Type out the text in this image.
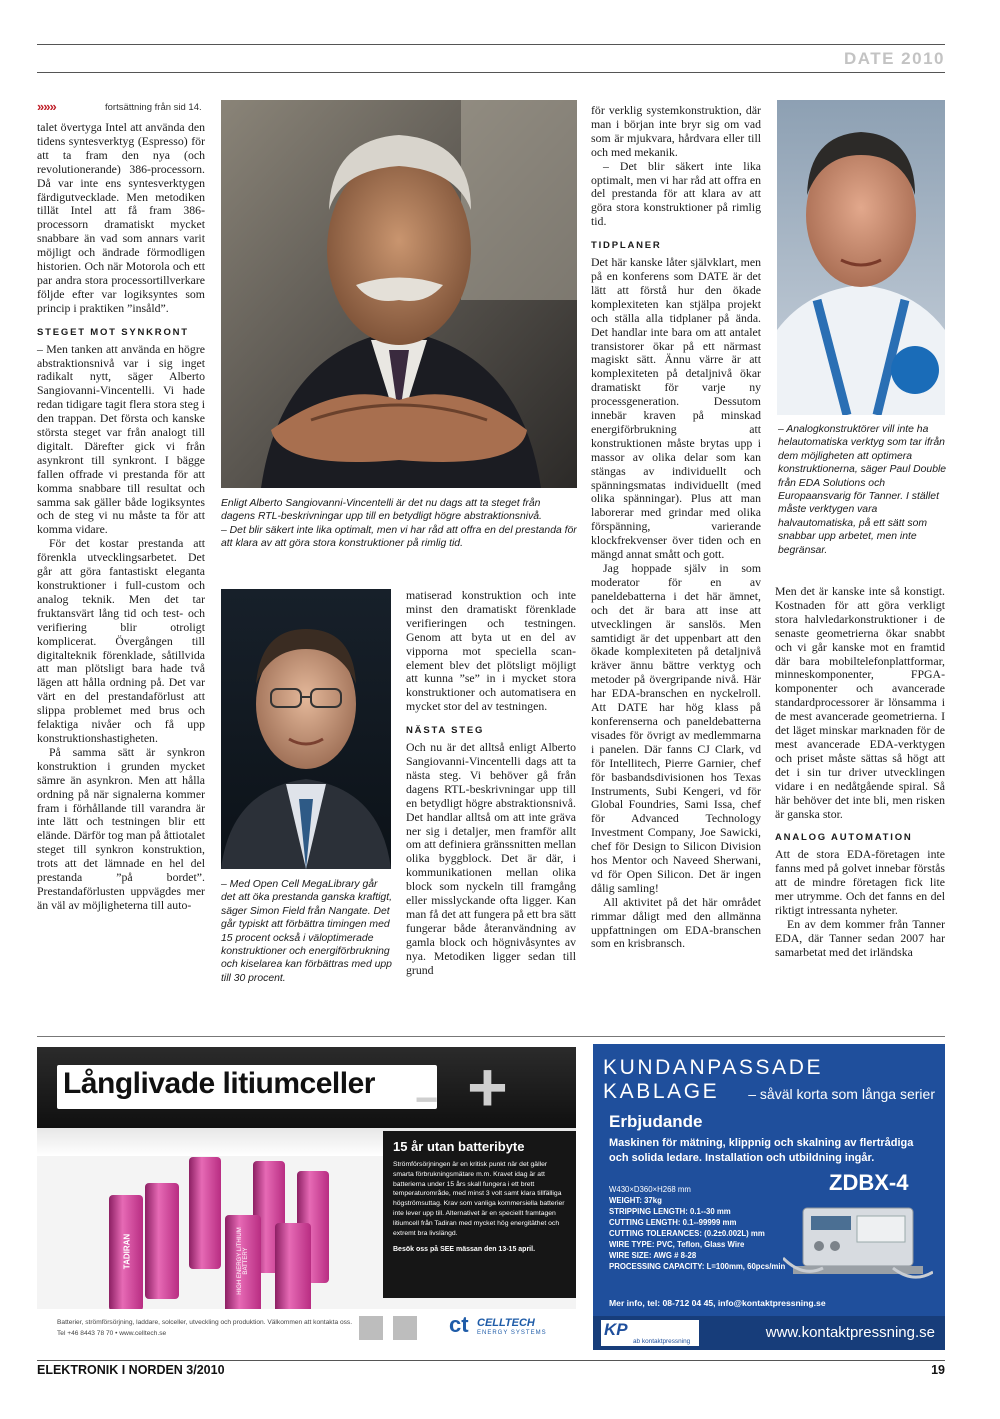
DATE 2010
»»»	fortsättning från sid 14.

talet övertyga Intel att använda den tidens syntesverktyg (Espresso) för att ta fram den nya (och revolutionerande) 386-processorn. Då var inte ens syntesverktygen färdigutvecklade. Men metodiken tillät Intel att få fram 386-processorn dramatiskt mycket snabbare än vad som annars varit möjligt och ändrade förmodligen historien. Och när Motorola och ett par andra stora processortillverkare följde efter var logiksyntes som princip i praktiken ”insåld”.

STEGET MOT SYNKRONT

– Men tanken att använda en högre abstraktionsnivå var i sig inget radikalt nytt, säger Alberto Sangiovanni-Vincentelli. Vi hade redan tidigare tagit flera stora steg i den trappan. Det första och kanske största steget var från analogt till digitalt. Därefter gick vi från asynkront till synkront. I bägge fallen offrade vi prestanda för att komma snabbare till resultat och samma sak gäller både logiksyntes och de steg vi nu måste ta för att komma vidare.

För det kostar prestanda att förenkla utvecklingsarbetet. Det går att göra fantastiskt eleganta konstruktioner i full-custom och analog teknik. Men det tar fruktansvärt lång tid och test- och verifiering blir otroligt komplicerat. Övergången till digitalteknik förenklade, såtillvida att man plötsligt bara hade två lägen att hålla ordning på. Det var värt en del prestandaförlust att slippa problemet med brus och felaktiga nivåer och få upp konstruktionshastigheten.

På samma sätt är synkron konstruktion i grunden mycket sämre än asynkron. Men att hålla ordning på när signalerna kommer fram i förhållande till varandra är inte lätt och testningen blir ett elände. Därför tog man på åttiotalet steget till synkron konstruktion, trots att det lämnade en hel del prestanda ”på bordet”. Prestandaförlusten uppvägdes mer än väl av möjligheterna till auto-

Enligt Alberto Sangiovanni-Vincentelli är det nu dags att ta steget från dagens RTL-beskrivningar upp till en betydligt högre abstraktionsnivå.

– Det blir säkert inte lika optimalt, men vi har råd att offra en del prestanda för att klara av att göra stora konstruktioner på rimlig tid.

– Med Open Cell MegaLibrary går det att öka prestanda ganska kraftigt, säger Simon Field från Nangate. Det går typiskt att förbättra timingen med 15 procent också i väloptimerade konstruktioner och energiförbrukning och kiselarea kan förbättras med upp till 30 procent.

matiserad konstruktion och inte minst den dramatiskt förenklade verifieringen och testningen. Genom att byta ut en del av vipporna mot speciella scan-element blev det plötsligt möjligt att kunna ”se” in i mycket stora konstruktioner och automatisera en mycket stor del av testningen.

NÄSTA STEG

Och nu är det alltså enligt Alberto Sangiovanni-Vincentelli dags att ta nästa steg. Vi behöver gå från dagens RTL-beskrivningar upp till en betydligt högre abstraktionsnivå. Det handlar alltså om att inte gräva ner sig i detaljer, men framför allt om att definiera gränssnitten mellan olika byggblock. Det är där, i kommunikationen mellan olika block som nyckeln till framgång eller misslyckande ofta ligger. Kan man få det att fungera på ett bra sätt fungerar både återanvändning av gamla block och högnivåsyntes av nya. Metodiken ligger sedan till grund

för verklig systemkonstruktion, där man i början inte bryr sig om vad som är mjukvara, hårdvara eller till och med mekanik.

– Det blir säkert inte lika optimalt, men vi har råd att offra en del prestanda för att klara av att göra stora konstruktioner på rimlig tid.

TIDPLANER

Det här kanske låter självklart, men på en konferens som DATE är det lätt att förstå hur den ökade komplexiteten kan stjälpa projekt och ställa alla tidplaner på ända. Det handlar inte bara om att antalet transistorer ökar på ett närmast magiskt sätt. Ännu värre är att komplexiteten på detaljnivå ökar dramatiskt för varje ny processgeneration. Dessutom innebär kraven på minskad energiförbrukning att konstruktionen måste brytas upp i massor av olika delar som kan stängas av individuellt och spänningsmatas individuellt (med olika spänningar). Plus att man laborerar med grindar med olika förspänning, varierande klockfrekvenser över tiden och en mängd annat smått och gott.

Jag hoppade själv in som moderator för en av paneldebatterna i det här ämnet, och det är bara att inse att utvecklingen är sanslös. Men samtidigt är det uppenbart att den ökade komplexiteten på detaljnivå kräver ännu bättre verktyg och metoder på övergripande nivå. Här har EDA-branschen en nyckelroll. Att DATE har hög klass på konferenserna och paneldebatterna visades för övrigt av medlemmarna i panelen. Där fanns CJ Clark, vd för Intellitech, Pierre Garnier, chef för basbandsdivisionen hos Texas Instruments, Subi Kengeri, vd för Global Foundries, Sami Issa, chef för Advanced Technology Investment Company, Joe Sawicki, chef för Design to Silicon Division hos Mentor och Naveed Sherwani, vd för Open Silicon. Det är ingen dålig samling!

All aktivitet på det här området rimmar dåligt med den allmänna uppfattningen om EDA-branschen som en krisbransch.

– Analogkonstruktörer vill inte ha helautomatiska verktyg som tar ifrån dem möjligheten att optimera konstruktionerna, säger Paul Double från EDA Solutions och Europaansvarig för Tanner. I stället måste verktygen vara halvautomatiska, på ett sätt som snabbar upp arbetet, men inte begränsar.

Men det är kanske inte så konstigt. Kostnaden för att göra verkligt stora halvledarkonstruktioner i de senaste geometrierna ökar snabbt och vi går kanske mot en framtid där bara mobiltelefonplattformar, minneskomponenter, FPGA-komponenter och avancerade standardprocessorer är lönsamma i de mest avancerade geometrierna. I det läget minskar marknaden för de mest avancerade EDA-verktygen och priset måste sättas så högt att det i sin tur driver utvecklingen vidare i en nedåtgående spiral. Så här behöver det inte bli, men risken är ganska stor.

ANALOG AUTOMATION

Att de stora EDA-företagen inte fanns med på golvet innebar förstås att de mindre företagen fick lite mer utrymme. Och det fanns en del riktigt intressanta nyheter.

En av dem kommer från Tanner EDA, där Tanner sedan 2007 har samarbetat med det irländska

Långlivade litiumceller +
−
TADIRAN	HIGH ENERGY LITHIUM BATTERY
15 år utan batteribyte
Strömförsörjningen är en kritisk punkt när det gäller smarta förbrukningsmätare m.m. Kravet idag är att batterierna under 15 års skall fungera i ett brett temperaturområde, med minst 3 volt samt klara tillfälliga högströmsuttag. Krav som vanliga kommersiella batterier inte lever upp till. Alternativet är en speciellt framtagen litiumcell från Tadiran med mycket hög energitäthet och extremt bra livslängd.
Besök oss på SEE mässan den 13-15 april.
Batterier, strömförsörjning, laddare, solceller, utveckling och produktion. Välkommen att kontakta oss.
Tel +46 8443 78 70 • www.celltech.se	ct CELLTECH
ENERGY SYSTEMS
KUNDANPASSADE KABLAGE	– såväl korta som långa serier
Erbjudande
Maskinen för mätning, klippnig och skalning av flertrådiga och solida ledare. Installation och utbildning ingår.
ZDBX-4
W430×D360×H268 mm
WEIGHT: 37kg
STRIPPING LENGTH: 0.1--30 mm
CUTTING LENGTH: 0.1--99999 mm
CUTTING TOLERANCES: (0.2±0.002L) mm
WIRE TYPE: PVC, Teflon, Glass Wire
WIRE SIZE: AWG # 8-28
PROCESSING CAPACITY: L=100mm, 60pcs/min
Mer info, tel: 08-712 04 45, info@kontaktpressning.se
KP
ab kontaktpressning
www.kontaktpressning.se
ELEKTRONIK I NORDEN 3/2010	19
